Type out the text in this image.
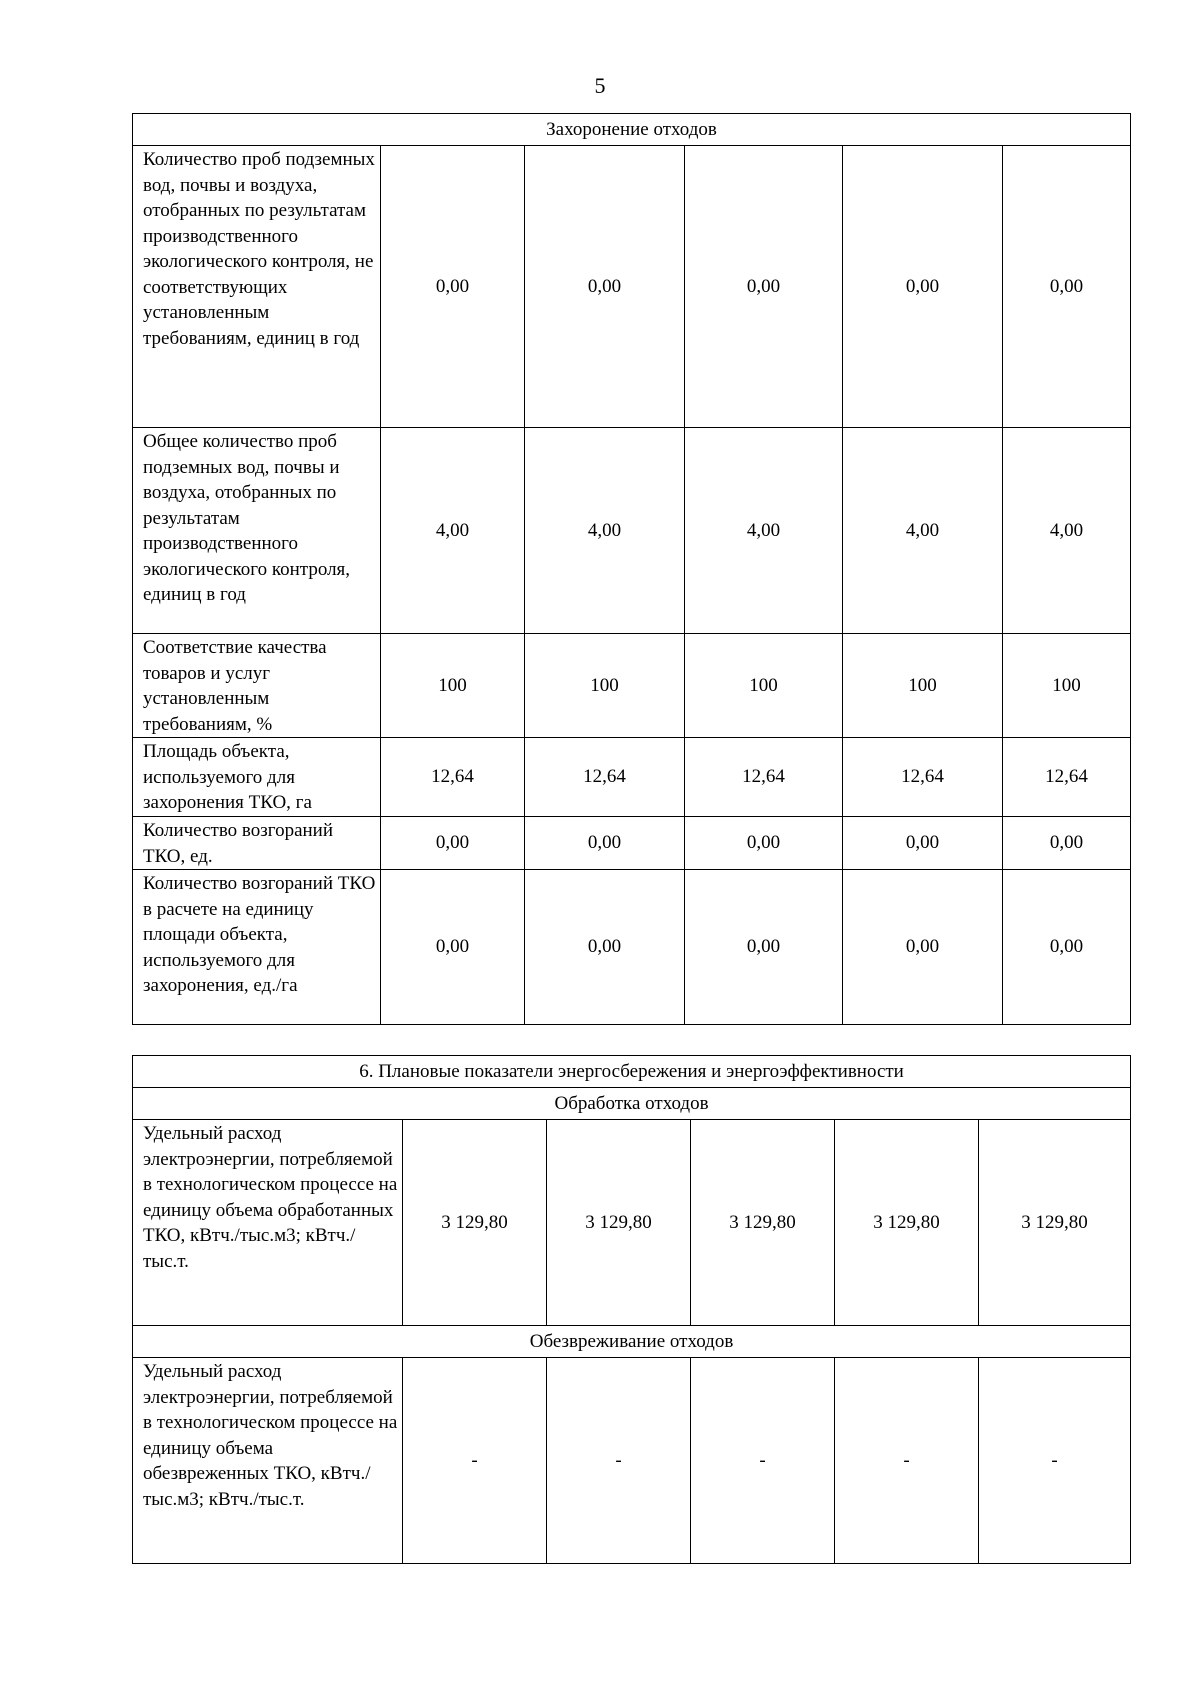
5
Захоронение отходов					
Количество проб подземных вод, почвы и воздуха, отобранных по результатам производственного экологического контроля, не соответствующих установленным требованиям, единиц в год	0,00	0,00	0,00	0,00	0,00
Общее количество проб подземных вод, почвы и воздуха, отобранных по результатам производственного экологического контроля, единиц в год	4,00	4,00	4,00	4,00	4,00
Соответствие качества товаров и услуг установленным требованиям, %	100	100	100	100	100
Площадь объекта, используемого для захоронения ТКО, га	12,64	12,64	12,64	12,64	12,64
Количество возгораний ТКО, ед.	0,00	0,00	0,00	0,00	0,00
Количество возгораний ТКО в расчете на единицу площади объекта, используемого для захоронения, ед./га	0,00	0,00	0,00	0,00	0,00
6. Плановые показатели энергосбережения и энергоэффективности					
Обработка отходов					
Удельный расход электроэнергии, потребляемой в технологическом процессе на единицу объема обработанных ТКО, кВтч./тыс.м3; кВтч./тыс.т.	3 129,80	3 129,80	3 129,80	3 129,80	3 129,80
Обезвреживание отходов					
Удельный расход электроэнергии, потребляемой в технологическом процессе на единицу объема обезвреженных ТКО, кВтч./тыс.м3; кВтч./тыс.т.	-	-	-	-	-
